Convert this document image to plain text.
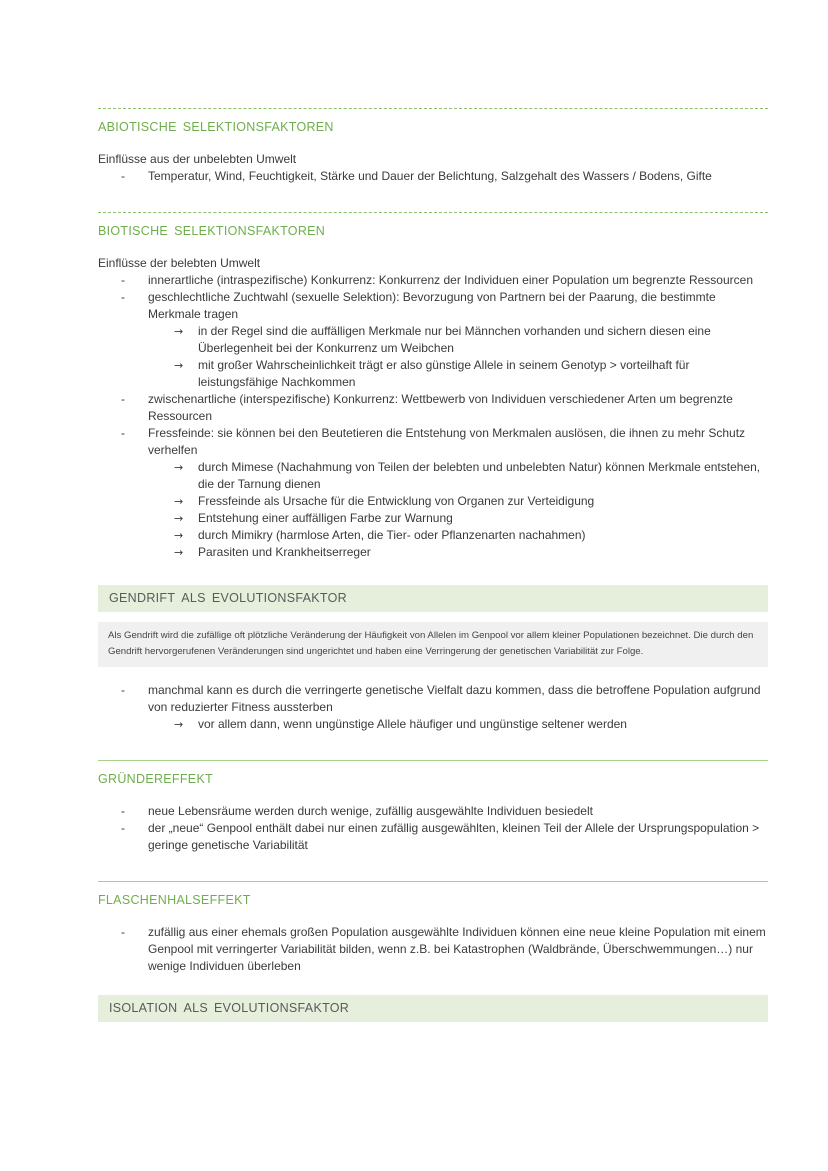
ABIOTISCHE SELEKTIONSFAKTOREN
Einflüsse aus der unbelebten Umwelt
- Temperatur, Wind, Feuchtigkeit, Stärke und Dauer der Belichtung, Salzgehalt des Wassers / Bodens, Gifte
BIOTISCHE SELEKTIONSFAKTOREN
Einflüsse der belebten Umwelt
- innerartliche (intraspezifische) Konkurrenz: Konkurrenz der Individuen einer Population um begrenzte Ressourcen
- geschlechtliche Zuchtwahl (sexuelle Selektion): Bevorzugung von Partnern bei der Paarung, die bestimmte Merkmale tragen
→ in der Regel sind die auffälligen Merkmale nur bei Männchen vorhanden und sichern diesen eine Überlegenheit bei der Konkurrenz um Weibchen
→ mit großer Wahrscheinlichkeit trägt er also günstige Allele in seinem Genotyp > vorteilhaft für leistungsfähige Nachkommen
- zwischenartliche (interspezifische) Konkurrenz: Wettbewerb von Individuen verschiedener Arten um begrenzte Ressourcen
- Fressfeinde: sie können bei den Beutetieren die Entstehung von Merkmalen auslösen, die ihnen zu mehr Schutz verhelfen
→ durch Mimese (Nachahmung von Teilen der belebten und unbelebten Natur) können Merkmale entstehen, die der Tarnung dienen
→ Fressfeinde als Ursache für die Entwicklung von Organen zur Verteidigung
→ Entstehung einer auffälligen Farbe zur Warnung
→ durch Mimikry (harmlose Arten, die Tier- oder Pflanzenarten nachahmen)
→ Parasiten und Krankheitserreger
GENDRIFT ALS EVOLUTIONSFAKTOR
Als Gendrift wird die zufällige oft plötzliche Veränderung der Häufigkeit von Allelen im Genpool vor allem kleiner Populationen bezeichnet. Die durch den Gendrift hervorgerufenen Veränderungen sind ungerichtet und haben eine Verringerung der genetischen Variabilität zur Folge.
- manchmal kann es durch die verringerte genetische Vielfalt dazu kommen, dass die betroffene Population aufgrund von reduzierter Fitness aussterben
→ vor allem dann, wenn ungünstige Allele häufiger und ungünstige seltener werden
GRÜNDEREFFEKT
- neue Lebensräume werden durch wenige, zufällig ausgewählte Individuen besiedelt
- der „neue“ Genpool enthält dabei nur einen zufällig ausgewählten, kleinen Teil der Allele der Ursprungspopulation > geringe genetische Variabilität
FLASCHENHALSEFFEKT
- zufällig aus einer ehemals großen Population ausgewählte Individuen können eine neue kleine Population mit einem Genpool mit verringerter Variabilität bilden, wenn z.B. bei Katastrophen (Waldbrände, Überschwemmungen…) nur wenige Individuen überleben
ISOLATION ALS EVOLUTIONSFAKTOR
